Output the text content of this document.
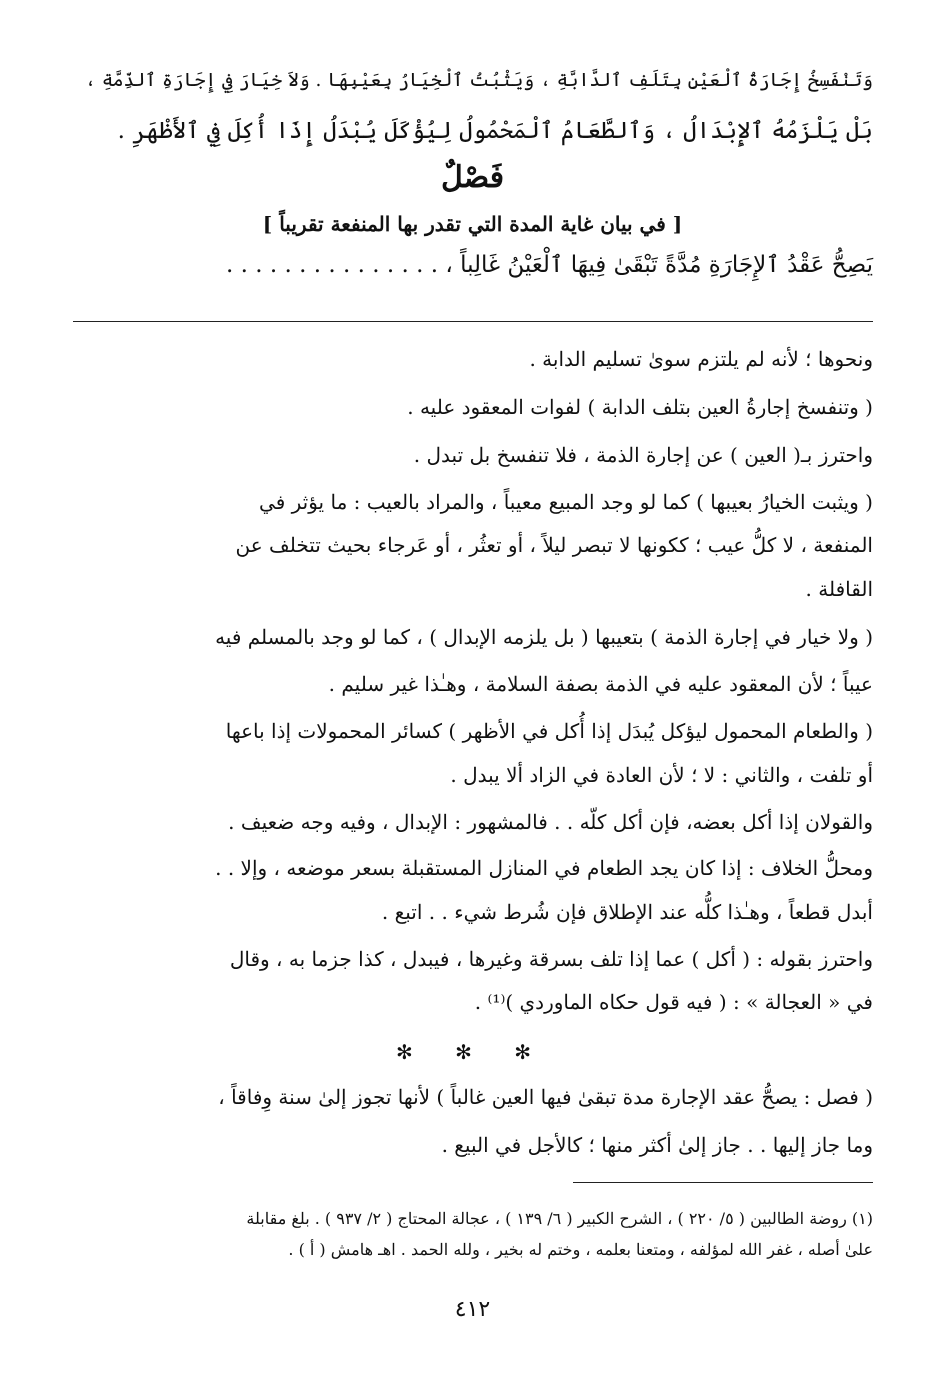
وَتَنْفَسِخُ إِجَارَةُ ٱلْعَيْنِ بِتَلَفِ ٱلدَّابَّةِ ، وَيَثْبُتُ ٱلْخِيَارُ بِعَيْبِهَا . وَلاَ خِيَارَ فِي إِجَارَةِ ٱلذِّمَّةِ ،
بَلْ يَلْزَمُهُ ٱلإِبْدَالُ ، وَٱلطَّعَامُ ٱلْمَحْمُولُ لِيُؤْكَلَ يُبْدَلُ إِذَا أُكِلَ فِي ٱلأَظْهَرِ .
فَصْلٌ
[ في بيان غاية المدة التي تقدر بها المنفعة تقريباً ]
يَصِحُّ عَقْدُ ٱلإِجَارَةِ مُدَّةً تَبْقَىٰ فِيهَا ٱلْعَيْنُ غَالِباً ، . . . . . . . . . . . . . . .
ونحوها ؛ لأنه لم يلتزم سوىٰ تسليم الدابة .
( وتنفسخ إجارةُ العين بتلف الدابة ) لفوات المعقود عليه .
واحترز بـ( العين ) عن إجارة الذمة ، فلا تنفسخ بل تبدل .
( ويثبت الخيارُ بعيبها ) كما لو وجد المبيع معيباً ، والمراد بالعيب : ما يؤثر في
المنفعة ، لا كلُّ عيب ؛ ككونها لا تبصر ليلاً ، أو تعثُر ، أو عَرجاء بحيث تتخلف عن
القافلة .
( ولا خيار في إجارة الذمة ) بتعيبها ( بل يلزمه الإبدال ) ، كما لو وجد بالمسلم فيه
عيباً ؛ لأن المعقود عليه في الذمة بصفة السلامة ، وهـٰذا غير سليم .
( والطعام المحمول ليؤكل يُبدَل إذا أُكل في الأظهر ) كسائر المحمولات إذا باعها
أو تلفت ، والثاني : لا ؛ لأن العادة في الزاد ألا يبدل .
والقولان إذا أكل بعضه، فإن أكل كلّه . . فالمشهور : الإبدال ، وفيه وجه ضعيف .
ومحلُّ الخلاف : إذا كان يجد الطعام في المنازل المستقبلة بسعر موضعه ، وإلا . .
أبدل قطعاً ، وهـٰذا كلُّه عند الإطلاق فإن شُرط شيء . . اتبع .
واحترز بقوله : ( أكل ) عما إذا تلف بسرقة وغيرها ، فيبدل ، كذا جزما به ، وقال
في « العجالة » : ( فيه قول حكاه الماوردي )⁽¹⁾ .
✻ ✻ ✻
( فصل : يصحُّ عقد الإجارة مدة تبقىٰ فيها العين غالباً ) لأنها تجوز إلىٰ سنة وِفاقاً ،
وما جاز إليها . . جاز إلىٰ أكثر منها ؛ كالأجل في البيع .
(١) روضة الطالبين ( ٥/ ٢٢٠ ) ، الشرح الكبير ( ٦/ ١٣٩ ) ، عجالة المحتاج ( ٢/ ٩٣٧ ) . بلغ مقابلة
علىٰ أصله ، غفر الله لمؤلفه ، ومتعنا بعلمه ، وختم له بخير ، ولله الحمد . اهـ هامش ( أ ) .
٤١٢
